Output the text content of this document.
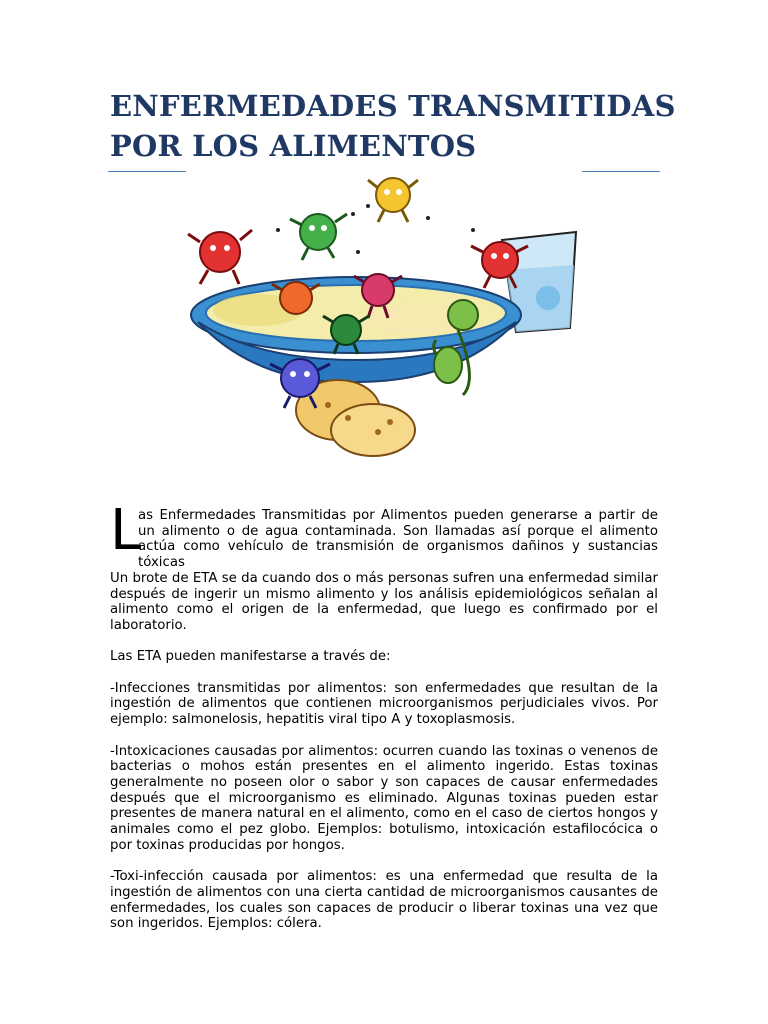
ENFERMEDADES TRANSMITIDAS
POR LOS ALIMENTOS
L
as Enfermedades Transmitidas por Alimentos pueden generarse a partir de un alimento o de agua contaminada. Son llamadas así porque el alimento actúa como vehículo de transmisión de organismos dañinos y sustancias tóxicas

Un brote de ETA se da cuando dos o más personas sufren una enfermedad similar después de ingerir un mismo alimento y los análisis epidemiológicos señalan al alimento como el origen de la enfermedad, que luego es confirmado por el laboratorio.

Las ETA pueden manifestarse a través de:

-Infecciones transmitidas por alimentos: son enfermedades que resultan de la ingestión de alimentos que contienen microorganismos perjudiciales vivos. Por ejemplo: salmonelosis, hepatitis viral tipo A y toxoplasmosis.

-Intoxicaciones causadas por alimentos: ocurren cuando las toxinas o venenos de bacterias o mohos están presentes en el alimento ingerido. Estas toxinas generalmente no poseen olor o sabor y son capaces de causar enfermedades después que el microorganismo es eliminado. Algunas toxinas pueden estar presentes de manera natural en el alimento, como en el caso de ciertos hongos y animales como el pez globo. Ejemplos: botulismo, intoxicación estafilocócica o por toxinas producidas por hongos.

-Toxi-infección causada por alimentos: es una enfermedad que resulta de la ingestión de alimentos con una cierta cantidad de microorganismos causantes de enfermedades, los cuales son capaces de producir o liberar toxinas una vez que son ingeridos. Ejemplos: cólera.
